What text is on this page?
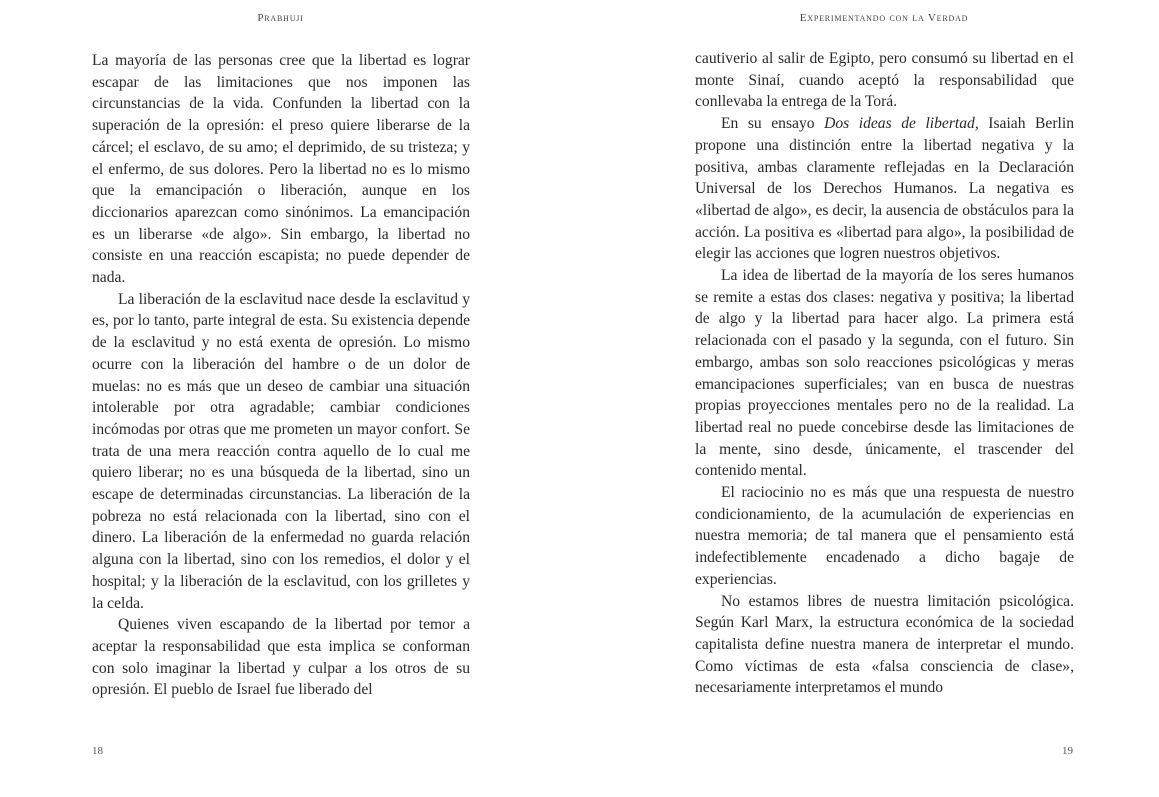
Prabhuji

La mayoría de las personas cree que la libertad es lograr escapar de las limitaciones que nos imponen las circunstancias de la vida. Confunden la libertad con la superación de la opresión: el preso quiere liberarse de la cárcel; el esclavo, de su amo; el deprimido, de su tristeza; y el enfermo, de sus dolores. Pero la libertad no es lo mismo que la emancipación o liberación, aunque en los diccionarios aparezcan como sinónimos. La emancipación es un liberarse «de algo». Sin embargo, la libertad no consiste en una reacción escapista; no puede depender de nada.

La liberación de la esclavitud nace desde la esclavitud y es, por lo tanto, parte integral de esta. Su existencia depende de la esclavitud y no está exenta de opresión. Lo mismo ocurre con la liberación del hambre o de un dolor de muelas: no es más que un deseo de cambiar una situación intolerable por otra agradable; cambiar condiciones incómodas por otras que me prometen un mayor confort. Se trata de una mera reacción contra aquello de lo cual me quiero liberar; no es una búsqueda de la libertad, sino un escape de determinadas circunstancias. La liberación de la pobreza no está relacionada con la libertad, sino con el dinero. La liberación de la enfermedad no guarda relación alguna con la libertad, sino con los remedios, el dolor y el hospital; y la liberación de la esclavitud, con los grilletes y la celda.

Quienes viven escapando de la libertad por temor a aceptar la responsabilidad que esta implica se conforman con solo imaginar la libertad y culpar a los otros de su opresión. El pueblo de Israel fue liberado del

18
Experimentando con la Verdad

cautiverio al salir de Egipto, pero consumó su libertad en el monte Sinaí, cuando aceptó la responsabilidad que conllevaba la entrega de la Torá.

En su ensayo Dos ideas de libertad, Isaiah Berlin propone una distinción entre la libertad negativa y la positiva, ambas claramente reflejadas en la Declaración Universal de los Derechos Humanos. La negativa es «libertad de algo», es decir, la ausencia de obstáculos para la acción. La positiva es «libertad para algo», la posibilidad de elegir las acciones que logren nuestros objetivos.

La idea de libertad de la mayoría de los seres humanos se remite a estas dos clases: negativa y positiva; la libertad de algo y la libertad para hacer algo. La primera está relacionada con el pasado y la segunda, con el futuro. Sin embargo, ambas son solo reacciones psicológicas y meras emancipaciones superficiales; van en busca de nuestras propias proyecciones mentales pero no de la realidad. La libertad real no puede concebirse desde las limitaciones de la mente, sino desde, únicamente, el trascender del contenido mental.

El raciocinio no es más que una respuesta de nuestro condicionamiento, de la acumulación de experiencias en nuestra memoria; de tal manera que el pensamiento está indefectiblemente encadenado a dicho bagaje de experiencias.

No estamos libres de nuestra limitación psicológica. Según Karl Marx, la estructura económica de la sociedad capitalista define nuestra manera de interpretar el mundo. Como víctimas de esta «falsa consciencia de clase», necesariamente interpretamos el mundo

19
